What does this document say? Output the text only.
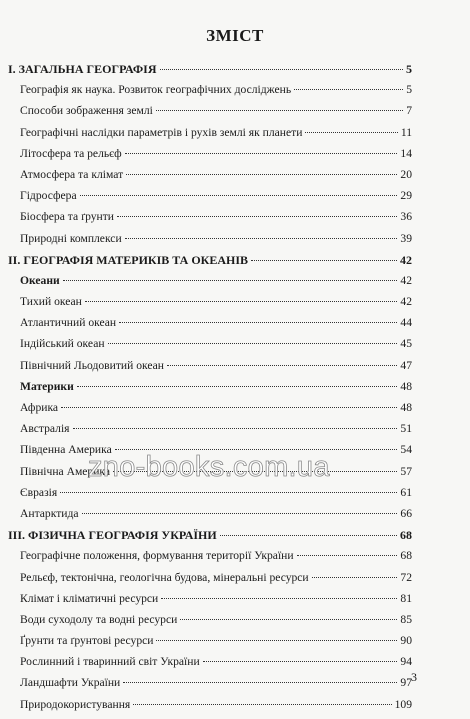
ЗМІСТ
І. ЗАГАЛЬНА ГЕОГРАФІЯ	5
Географія як наука. Розвиток географічних досліджень	5
Способи зображення землі	7
Географічні наслідки параметрів і рухів землі як планети	11
Літосфера та рельєф	14
Атмосфера та клімат	20
Гідросфера	29
Біосфера та ґрунти	36
Природні комплекси	39
ІІ. ГЕОГРАФІЯ МАТЕРИКІВ ТА ОКЕАНІВ	42
Океани	42
Тихий океан	42
Атлантичний океан	44
Індійський океан	45
Північний Льодовитий океан	47
Материки	48
Африка	48
Австралія	51
Південна Америка	54
Північна Америка	57
Євразія	61
Антарктида	66
ІІІ. ФІЗИЧНА ГЕОГРАФІЯ УКРАЇНИ	68
Географічне положення, формування території України	68
Рельєф, тектонічна, геологічна будова, мінеральні ресурси	72
Клімат і кліматичні ресурси	81
Води суходолу та водні ресурси	85
Ґрунти та ґрунтові ресурси	90
Рослинний і тваринний світ України	94
Ландшафти України	97
Природокористування	109
zno-books.com.ua
3
